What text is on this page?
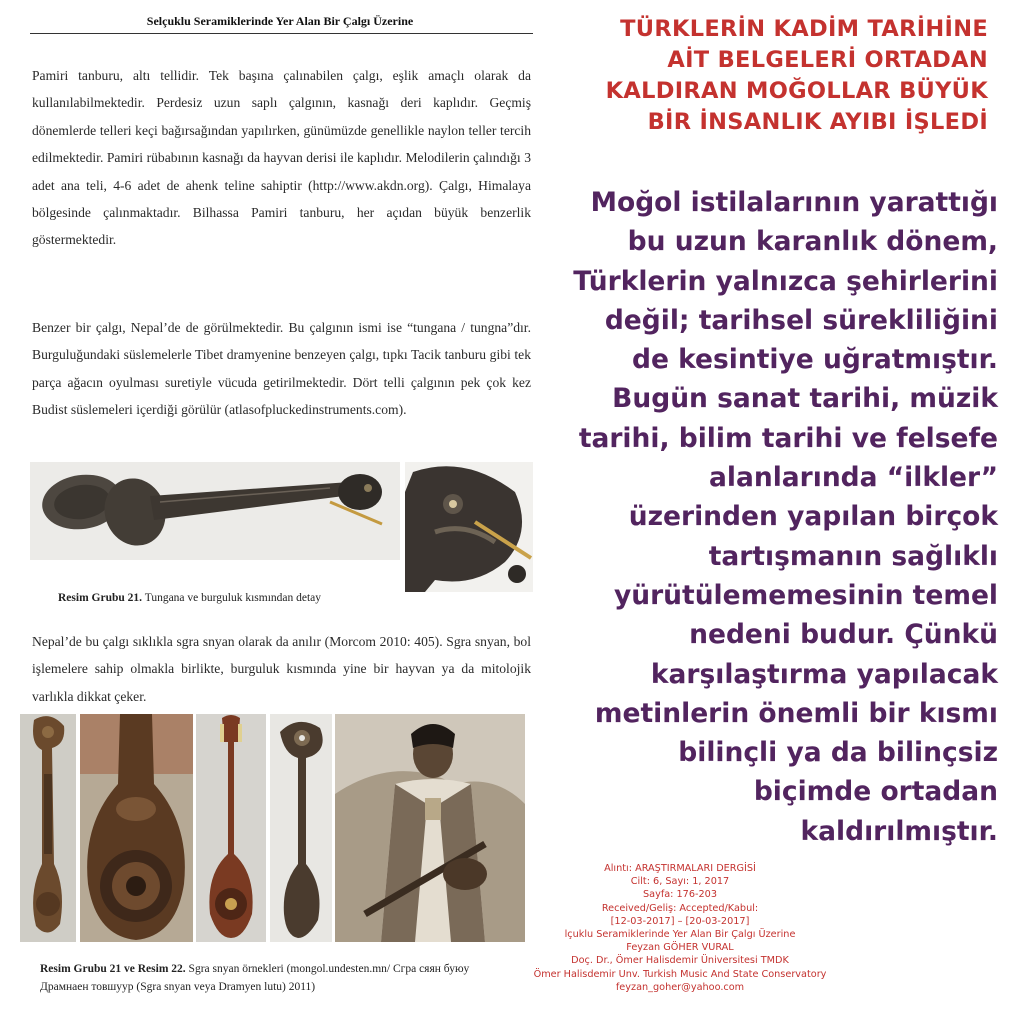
Selçuklu Seramiklerinde Yer Alan Bir Çalgı Üzerine
Pamiri tanburu, altı tellidir. Tek başına çalınabilen çalgı, eşlik amaçlı olarak da kullanılabilmektedir. Perdesiz uzun saplı çalgının, kasnağı deri kaplıdır. Geçmiş dönemlerde telleri keçi bağırsağından yapılırken, günümüzde genellikle naylon teller tercih edilmektedir. Pamiri rübabının kasnağı da hayvan derisi ile kaplıdır. Melodilerin çalındığı 3 adet ana teli, 4-6 adet de ahenk teline sahiptir (http://www.akdn.org). Çalgı, Himalaya bölgesinde çalınmaktadır. Bilhassa Pamiri tanburu, her açıdan büyük benzerlik göstermektedir.
Benzer bir çalgı, Nepal’de de görülmektedir. Bu çalgının ismi ise “tungana / tungna”dır. Burguluğundaki süslemelerle Tibet dramyenine benzeyen çalgı, tıpkı Tacik tanburu gibi tek parça ağacın oyulması suretiyle vücuda getirilmektedir. Dört telli çalgının pek çok kez Budist süslemeleri içerdiği görülür (atlasofpluckedinstruments.com).
Resim Grubu 21. Tungana ve burguluk kısmından detay
Nepal’de bu çalgı sıklıkla sgra snyan olarak da anılır (Morcom 2010: 405). Sgra snyan, bol işlemelere sahip olmakla birlikte, burguluk kısmında yine bir hayvan ya da mitolojik varlıkla dikkat çeker.
Resim Grubu 21 ve Resim 22. Sgra snyan örnekleri (mongol.undesten.mn/ Сгра сяян буюу Драмнаен товшуур (Sgra snyan veya Dramyen lutu) 2011)
TÜRKLERİN KADİM TARİHİNE
AİT BELGELERİ ORTADAN
KALDIRAN MOĞOLLAR BÜYÜK
BİR İNSANLIK AYIBI İŞLEDİ
Moğol istilalarının yarattığı
bu uzun karanlık dönem,
Türklerin yalnızca şehirlerini
değil; tarihsel sürekliliğini
de kesintiye uğratmıştır.
Bugün sanat tarihi, müzik
tarihi, bilim tarihi ve felsefe
alanlarında “ilkler”
üzerinden yapılan birçok
tartışmanın sağlıklı
yürütülememesinin temel
nedeni budur. Çünkü
karşılaştırma yapılacak
metinlerin önemli bir kısmı
bilinçli ya da bilinçsiz
biçimde ortadan
kaldırılmıştır.
Alıntı: ARAŞTIRMALARI DERGİSİ
Cilt: 6, Sayı: 1, 2017
Sayfa: 176-203
Received/Geliş: Accepted/Kabul:
[12-03-2017] – [20-03-2017]
lçuklu Seramiklerinde Yer Alan Bir Çalgı Üzerine
Feyzan GÖHER VURAL
Doç. Dr., Ömer Halisdemir Üniversitesi TMDK
Ömer Halisdemir Unv. Turkish Music And State Conservatory
feyzan_goher@yahoo.com
